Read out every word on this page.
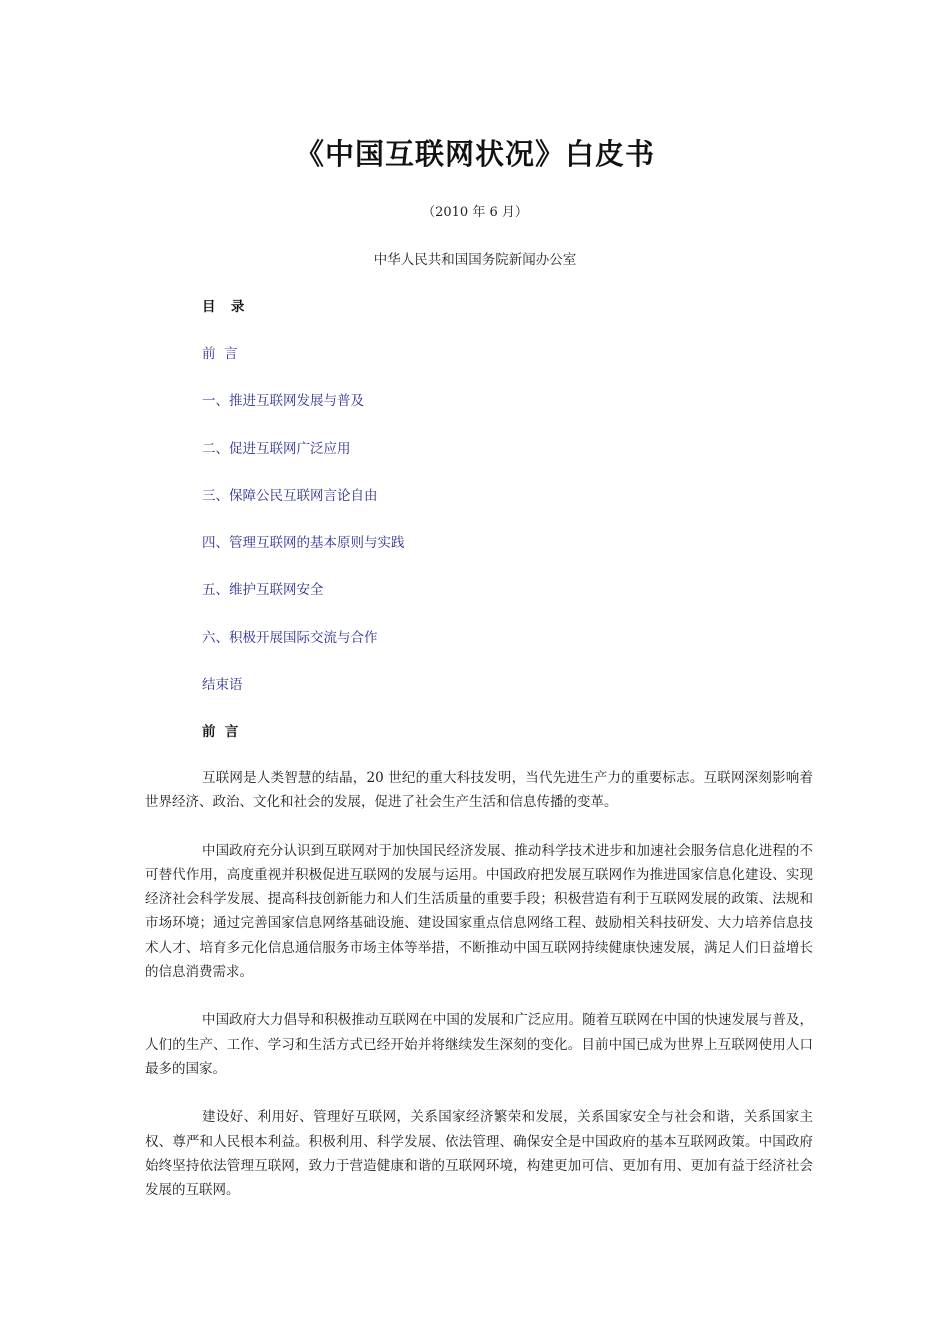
《中国互联网状况》白皮书
（2010 年 6 月）
中华人民共和国国务院新闻办公室
目  录
前  言
一、推进互联网发展与普及
二、促进互联网广泛应用
三、保障公民互联网言论自由
四、管理互联网的基本原则与实践
五、维护互联网安全
六、积极开展国际交流与合作
结束语
前  言

互联网是人类智慧的结晶，20 世纪的重大科技发明，当代先进生产力的重要标志。互联网深刻影响着世界经济、政治、文化和社会的发展，促进了社会生产生活和信息传播的变革。

中国政府充分认识到互联网对于加快国民经济发展、推动科学技术进步和加速社会服务信息化进程的不可替代作用，高度重视并积极促进互联网的发展与运用。中国政府把发展互联网作为推进国家信息化建设、实现经济社会科学发展、提高科技创新能力和人们生活质量的重要手段；积极营造有利于互联网发展的政策、法规和市场环境；通过完善国家信息网络基础设施、建设国家重点信息网络工程、鼓励相关科技研发、大力培养信息技术人才、培育多元化信息通信服务市场主体等举措，不断推动中国互联网持续健康快速发展，满足人们日益增长的信息消费需求。

中国政府大力倡导和积极推动互联网在中国的发展和广泛应用。随着互联网在中国的快速发展与普及，人们的生产、工作、学习和生活方式已经开始并将继续发生深刻的变化。目前中国已成为世界上互联网使用人口最多的国家。

建设好、利用好、管理好互联网，关系国家经济繁荣和发展，关系国家安全与社会和谐，关系国家主权、尊严和人民根本利益。积极利用、科学发展、依法管理、确保安全是中国政府的基本互联网政策。中国政府始终坚持依法管理互联网，致力于营造健康和谐的互联网环境，构建更加可信、更加有用、更加有益于经济社会发展的互联网。
